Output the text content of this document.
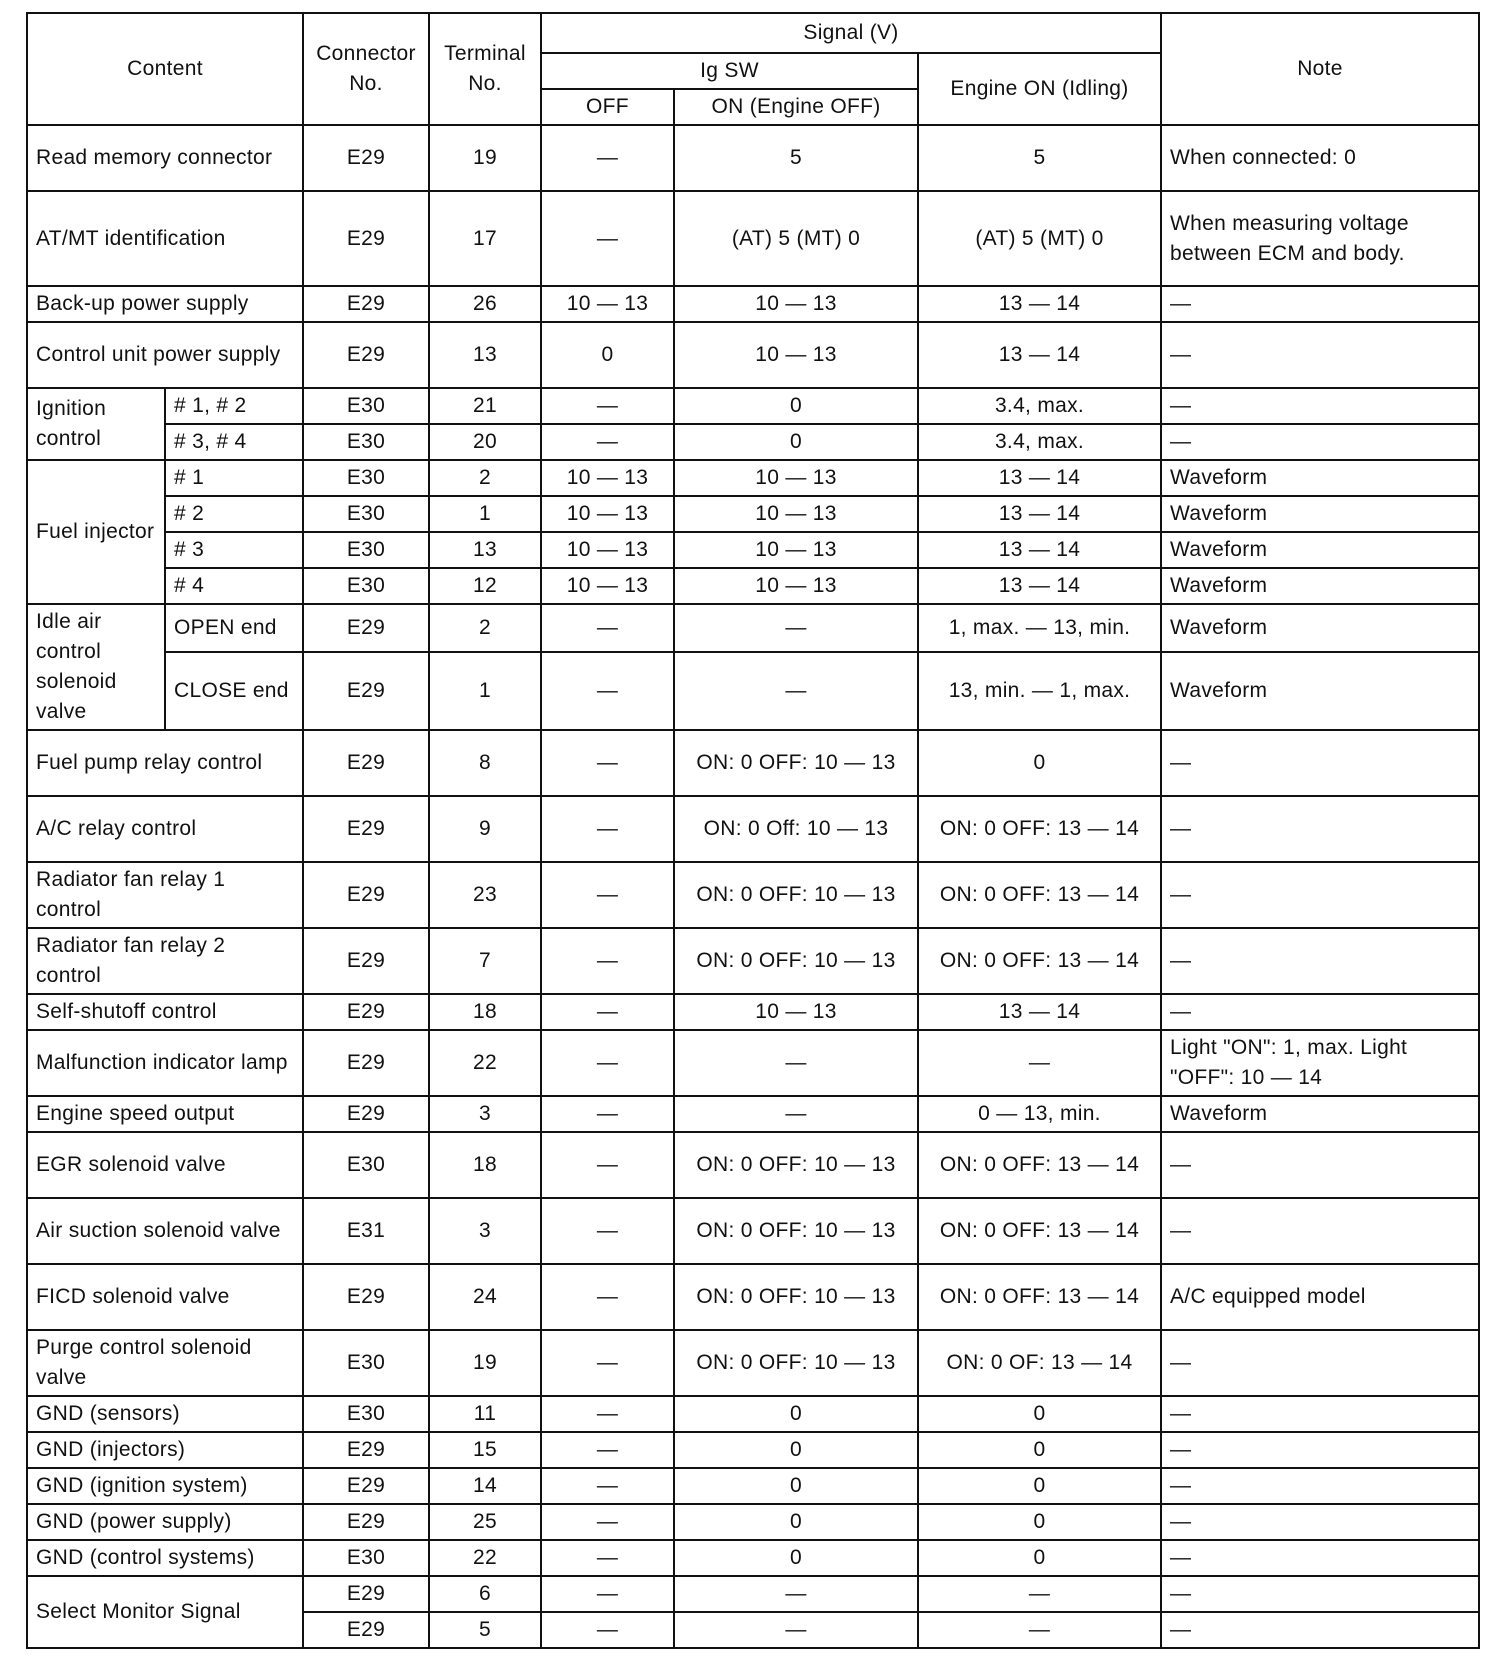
Content		Connector No.	Terminal No.	Signal (V)			Note
				Ig SW		Engine ON (Idling)	
				OFF	ON (Engine OFF)		
Read memory connector		E29	19	—	5	5	When connected: 0
AT/MT identification		E29	17	—	(AT) 5 (MT) 0	(AT) 5 (MT) 0	When measuring voltage between ECM and body.
Back-up power supply		E29	26	10 — 13	10 — 13	13 — 14	—
Control unit power supply		E29	13	0	10 — 13	13 — 14	—
Ignition control	# 1, # 2	E30	21	—	0	3.4, max.	—
	# 3, # 4	E30	20	—	0	3.4, max.	—
Fuel injector	# 1	E30	2	10 — 13	10 — 13	13 — 14	Waveform
	# 2	E30	1	10 — 13	10 — 13	13 — 14	Waveform
	# 3	E30	13	10 — 13	10 — 13	13 — 14	Waveform
	# 4	E30	12	10 — 13	10 — 13	13 — 14	Waveform
Idle air control solenoid valve	OPEN end	E29	2	—	—	1, max. — 13, min.	Waveform
	CLOSE end	E29	1	—	—	13, min. — 1, max.	Waveform
Fuel pump relay control		E29	8	—	ON: 0 OFF: 10 — 13	0	—
A/C relay control		E29	9	—	ON: 0 Off: 10 — 13	ON: 0 OFF: 13 — 14	—
Radiator fan relay 1 control		E29	23	—	ON: 0 OFF: 10 — 13	ON: 0 OFF: 13 — 14	—
Radiator fan relay 2 control		E29	7	—	ON: 0 OFF: 10 — 13	ON: 0 OFF: 13 — 14	—
Self-shutoff control		E29	18	—	10 — 13	13 — 14	—
Malfunction indicator lamp		E29	22	—	—	—	Light "ON": 1, max. Light "OFF": 10 — 14
Engine speed output		E29	3	—	—	0 — 13, min.	Waveform
EGR solenoid valve		E30	18	—	ON: 0 OFF: 10 — 13	ON: 0 OFF: 13 — 14	—
Air suction solenoid valve		E31	3	—	ON: 0 OFF: 10 — 13	ON: 0 OFF: 13 — 14	—
FICD solenoid valve		E29	24	—	ON: 0 OFF: 10 — 13	ON: 0 OFF: 13 — 14	A/C equipped model
Purge control solenoid valve		E30	19	—	ON: 0 OFF: 10 — 13	ON: 0 OF: 13 — 14	—
GND (sensors)		E30	11	—	0	0	—
GND (injectors)		E29	15	—	0	0	—
GND (ignition system)		E29	14	—	0	0	—
GND (power supply)		E29	25	—	0	0	—
GND (control systems)		E30	22	—	0	0	—
Select Monitor Signal		E29	6	—	—	—	—
		E29	5	—	—	—	—
